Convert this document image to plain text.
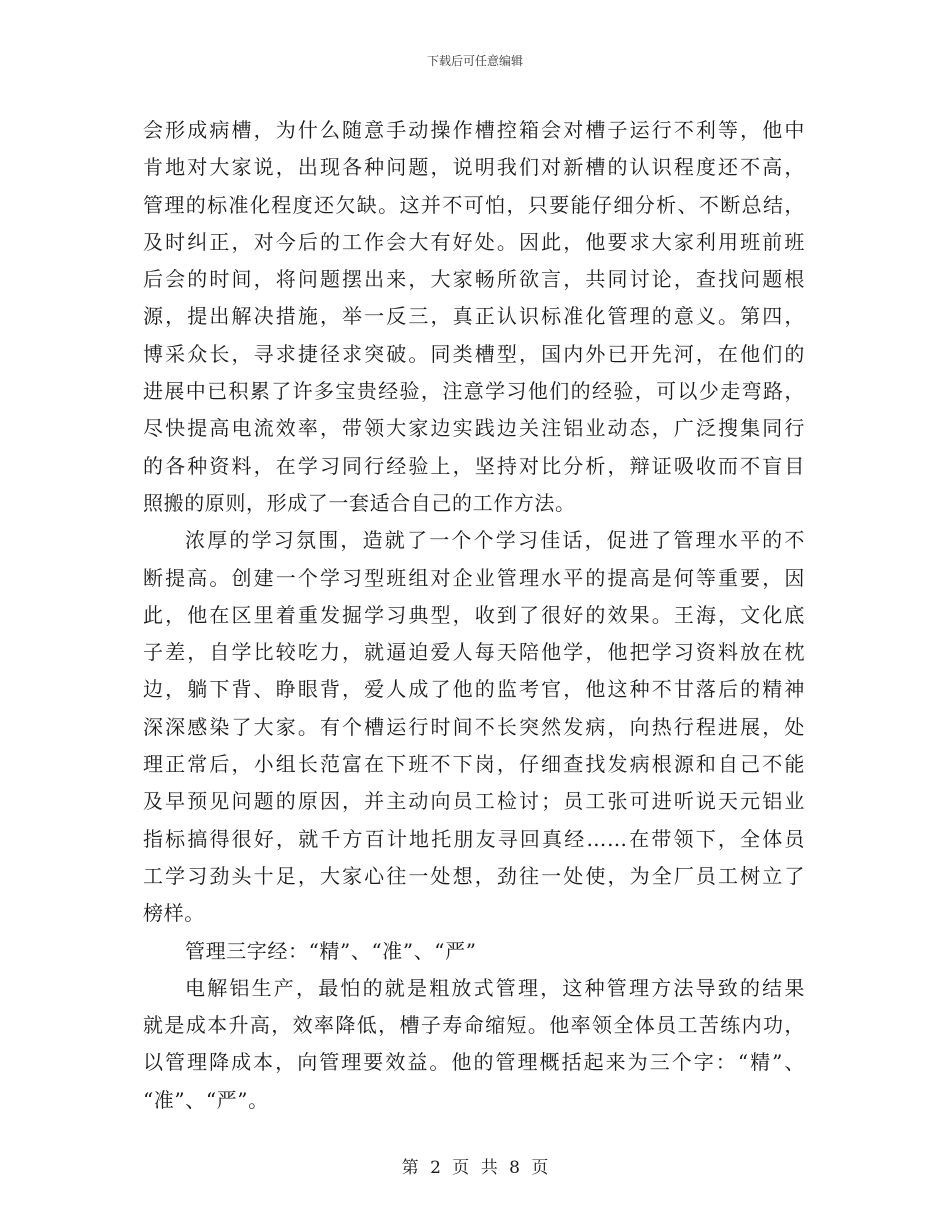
下载后可任意编辑
会形成病槽，为什么随意手动操作槽控箱会对槽子运行不利等，他中
肯地对大家说，出现各种问题，说明我们对新槽的认识程度还不高，
管理的标准化程度还欠缺。这并不可怕，只要能仔细分析、不断总结，
及时纠正，对今后的工作会大有好处。因此，他要求大家利用班前班
后会的时间，将问题摆出来，大家畅所欲言，共同讨论，查找问题根
源，提出解决措施，举一反三，真正认识标准化管理的意义。第四，
博采众长，寻求捷径求突破。同类槽型，国内外已开先河，在他们的
进展中已积累了许多宝贵经验，注意学习他们的经验，可以少走弯路，
尽快提高电流效率，带领大家边实践边关注铝业动态，广泛搜集同行
的各种资料，在学习同行经验上，坚持对比分析，辩证吸收而不盲目
照搬的原则，形成了一套适合自己的工作方法。
浓厚的学习氛围，造就了一个个学习佳话，促进了管理水平的不
断提高。创建一个学习型班组对企业管理水平的提高是何等重要，因
此，他在区里着重发掘学习典型，收到了很好的效果。王海，文化底
子差，自学比较吃力，就逼迫爱人每天陪他学，他把学习资料放在枕
边，躺下背、睁眼背，爱人成了他的监考官，他这种不甘落后的精神
深深感染了大家。有个槽运行时间不长突然发病，向热行程进展，处
理正常后，小组长范富在下班不下岗，仔细查找发病根源和自己不能
及早预见问题的原因，并主动向员工检讨；员工张可进听说天元铝业
指标搞得很好，就千方百计地托朋友寻回真经……在带领下，全体员
工学习劲头十足，大家心往一处想，劲往一处使，为全厂员工树立了
榜样。
管理三字经：“精”、“准”、“严”
电解铝生产，最怕的就是粗放式管理，这种管理方法导致的结果
就是成本升高，效率降低，槽子寿命缩短。他率领全体员工苦练内功，
以管理降成本，向管理要效益。他的管理概括起来为三个字：“精”、
“准”、“严”。
第 2 页 共 8 页
